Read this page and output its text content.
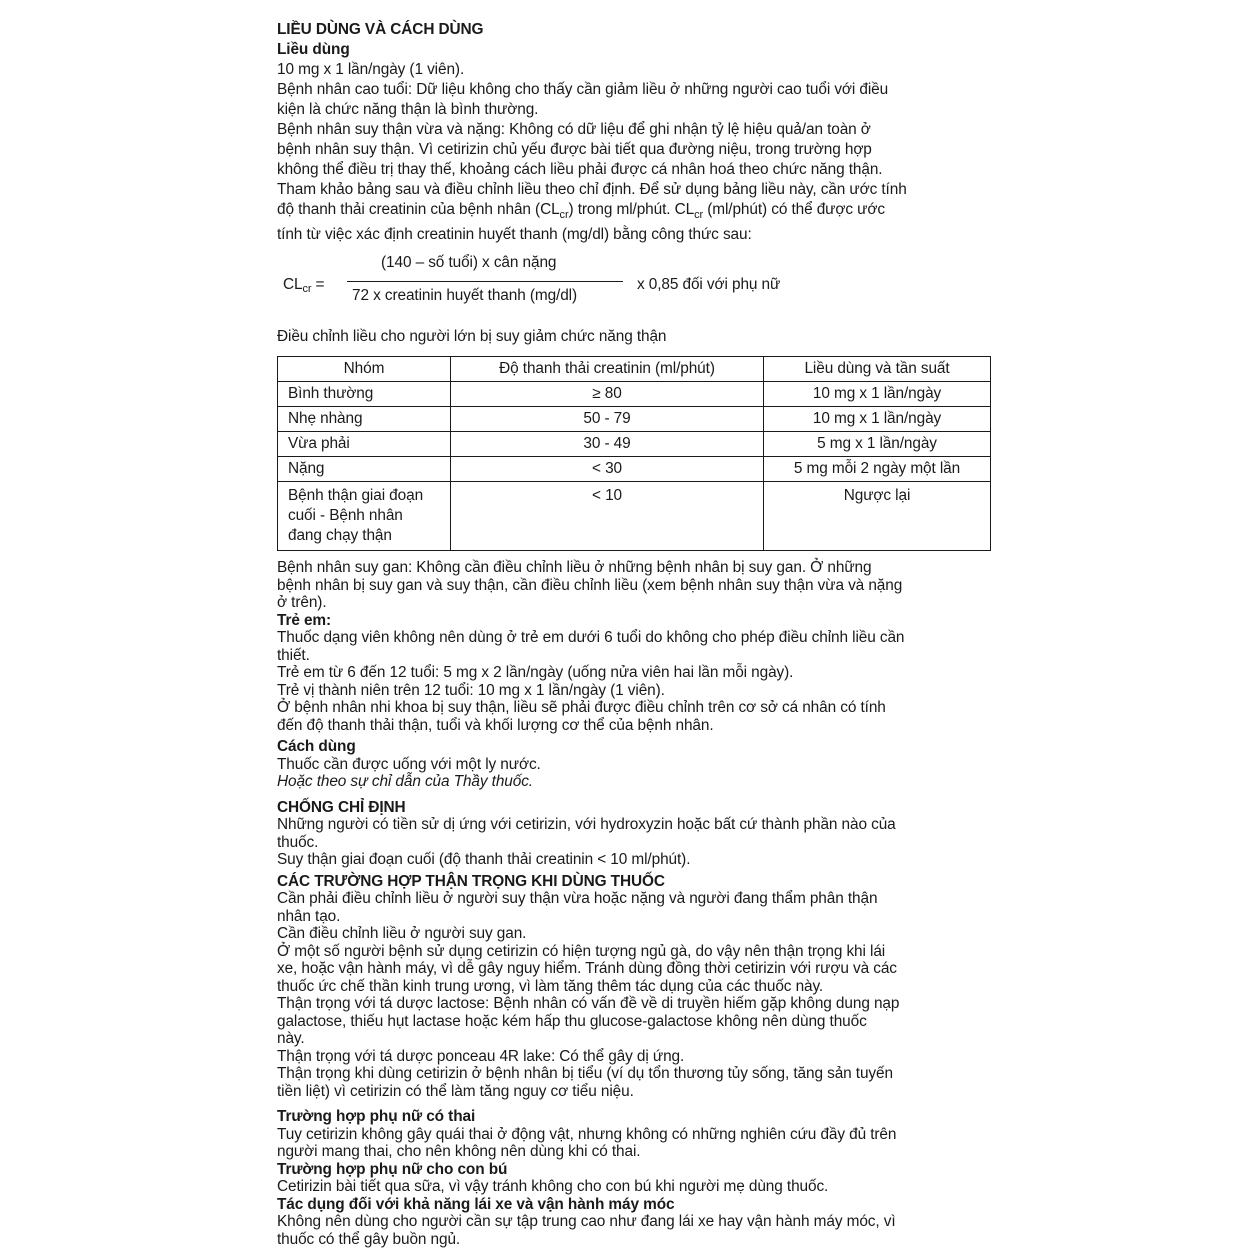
LIỀU DÙNG VÀ CÁCH DÙNG
Liều dùng
10 mg x 1 lần/ngày (1 viên).
Bệnh nhân cao tuổi: Dữ liệu không cho thấy cần giảm liều ở những người cao tuổi với điều
kiện là chức năng thận là bình thường.
Bệnh nhân suy thận vừa và nặng: Không có dữ liệu để ghi nhận tỷ lệ hiệu quả/an toàn ở
bệnh nhân suy thận. Vì cetirizin chủ yếu được bài tiết qua đường niệu, trong trường hợp
không thể điều trị thay thế, khoảng cách liều phải được cá nhân hoá theo chức năng thận.
Tham khảo bảng sau và điều chỉnh liều theo chỉ định. Để sử dụng bảng liều này, cần ước tính
độ thanh thải creatinin của bệnh nhân $(CL_{cr})$ trong ml/phút. $CL_{cr}$ (ml/phút) có thể được ước
tính từ việc xác định creatinin huyết thanh (mg/dl) bằng công thức sau:
$CL_{cr}$ =
(140 – số tuổi) x cân nặng
72 x creatinin huyết thanh (mg/dl)
x 0,85 đối với phụ nữ
Điều chỉnh liều cho người lớn bị suy giảm chức năng thận
Nhóm	Độ thanh thải creatinin (ml/phút)	Liều dùng và tần suất
Bình thường	≥ 80	10 mg x 1 lần/ngày
Nhẹ nhàng	50 - 79	10 mg x 1 lần/ngày
Vừa phải	30 - 49	5 mg x 1 lần/ngày
Nặng	< 30	5 mg mỗi 2 ngày một lần

Bệnh thận giai đoạn
cuối - Bệnh nhân
đang chạy thận	< 10	Ngược lại
Bệnh nhân suy gan: Không cần điều chỉnh liều ở những bệnh nhân bị suy gan. Ở những
bệnh nhân bị suy gan và suy thận, cần điều chỉnh liều (xem bệnh nhân suy thận vừa và nặng
ở trên).
Trẻ em:
Thuốc dạng viên không nên dùng ở trẻ em dưới 6 tuổi do không cho phép điều chỉnh liều cần
thiết.
Trẻ em từ 6 đến 12 tuổi: 5 mg x 2 lần/ngày (uống nửa viên hai lần mỗi ngày).
Trẻ vị thành niên trên 12 tuổi: 10 mg x 1 lần/ngày (1 viên).
Ở bệnh nhân nhi khoa bị suy thận, liều sẽ phải được điều chỉnh trên cơ sở cá nhân có tính
đến độ thanh thải thận, tuổi và khối lượng cơ thể của bệnh nhân.
Cách dùng
Thuốc cần được uống với một ly nước.
Hoặc theo sự chỉ dẫn của Thầy thuốc.
CHỐNG CHỈ ĐỊNH
Những người có tiền sử dị ứng với cetirizin, với hydroxyzin hoặc bất cứ thành phần nào của
thuốc.
Suy thận giai đoạn cuối (độ thanh thải creatinin < 10 ml/phút).
CÁC TRƯỜNG HỢP THẬN TRỌNG KHI DÙNG THUỐC
Cần phải điều chỉnh liều ở người suy thận vừa hoặc nặng và người đang thẩm phân thận
nhân tạo.
Cần điều chỉnh liều ở người suy gan.
Ở một số người bệnh sử dụng cetirizin có hiện tượng ngủ gà, do vậy nên thận trọng khi lái
xe, hoặc vận hành máy, vì dễ gây nguy hiểm. Tránh dùng đồng thời cetirizin với rượu và các
thuốc ức chế thần kinh trung ương, vì làm tăng thêm tác dụng của các thuốc này.
Thận trọng với tá dược lactose: Bệnh nhân có vấn đề về di truyền hiếm gặp không dung nạp
galactose, thiếu hụt lactase hoặc kém hấp thu glucose-galactose không nên dùng thuốc
này.
Thận trọng với tá dược ponceau 4R lake: Có thể gây dị ứng.
Thận trọng khi dùng cetirizin ở bệnh nhân bị tiểu (ví dụ tổn thương tủy sống, tăng sản tuyến
tiền liệt) vì cetirizin có thể làm tăng nguy cơ tiểu niệu.
Trường hợp phụ nữ có thai
Tuy cetirizin không gây quái thai ở động vật, nhưng không có những nghiên cứu đầy đủ trên
người mang thai, cho nên không nên dùng khi có thai.
Trường hợp phụ nữ cho con bú
Cetirizin bài tiết qua sữa, vì vậy tránh không cho con bú khi người mẹ dùng thuốc.
Tác dụng đối với khả năng lái xe và vận hành máy móc
Không nên dùng cho người cần sự tập trung cao như đang lái xe hay vận hành máy móc, vì
thuốc có thể gây buồn ngủ.
